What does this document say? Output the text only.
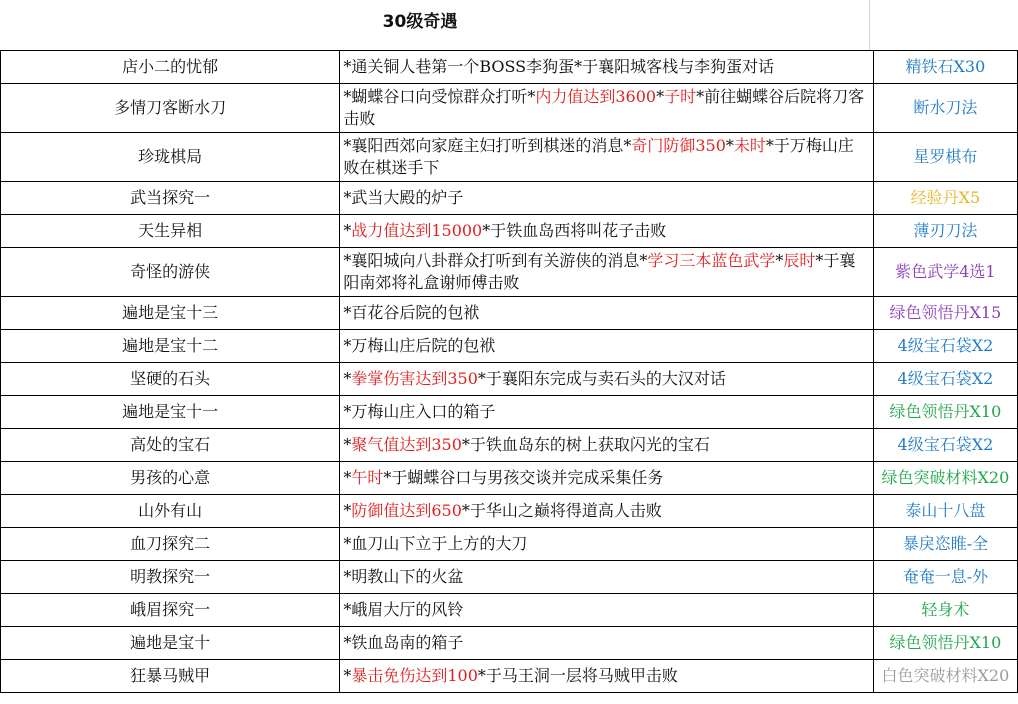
30级奇遇
店小二的忧郁	*通关铜人巷第一个BOSS李狗蛋*于襄阳城客栈与李狗蛋对话	精铁石X30
多情刀客断水刀	*蝴蝶谷口向受惊群众打听*内力值达到3600*子时*前往蝴蝶谷后院将刀客击败	断水刀法
珍珑棋局	*襄阳西郊向家庭主妇打听到棋迷的消息*奇门防御350*未时*于万梅山庄败在棋迷手下	星罗棋布
武当探究一	*武当大殿的炉子	经验丹X5
天生异相	*战力值达到15000*于铁血岛西将叫花子击败	薄刃刀法
奇怪的游侠	*襄阳城向八卦群众打听到有关游侠的消息*学习三本蓝色武学*辰时*于襄阳南郊将礼盒谢师傅击败	紫色武学4选1
遍地是宝十三	*百花谷后院的包袱	绿色领悟丹X15
遍地是宝十二	*万梅山庄后院的包袱	4级宝石袋X2
坚硬的石头	*拳掌伤害达到350*于襄阳东完成与卖石头的大汉对话	4级宝石袋X2
遍地是宝十一	*万梅山庄入口的箱子	绿色领悟丹X10
高处的宝石	*聚气值达到350*于铁血岛东的树上获取闪光的宝石	4级宝石袋X2
男孩的心意	*午时*于蝴蝶谷口与男孩交谈并完成采集任务	绿色突破材料X20
山外有山	*防御值达到650*于华山之巅将得道高人击败	泰山十八盘
血刀探究二	*血刀山下立于上方的大刀	暴戾恣睢-全
明教探究一	*明教山下的火盆	奄奄一息-外
峨眉探究一	*峨眉大厅的风铃	轻身术
遍地是宝十	*铁血岛南的箱子	绿色领悟丹X10
狂暴马贼甲	*暴击免伤达到100*于马王洞一层将马贼甲击败	白色突破材料X20
